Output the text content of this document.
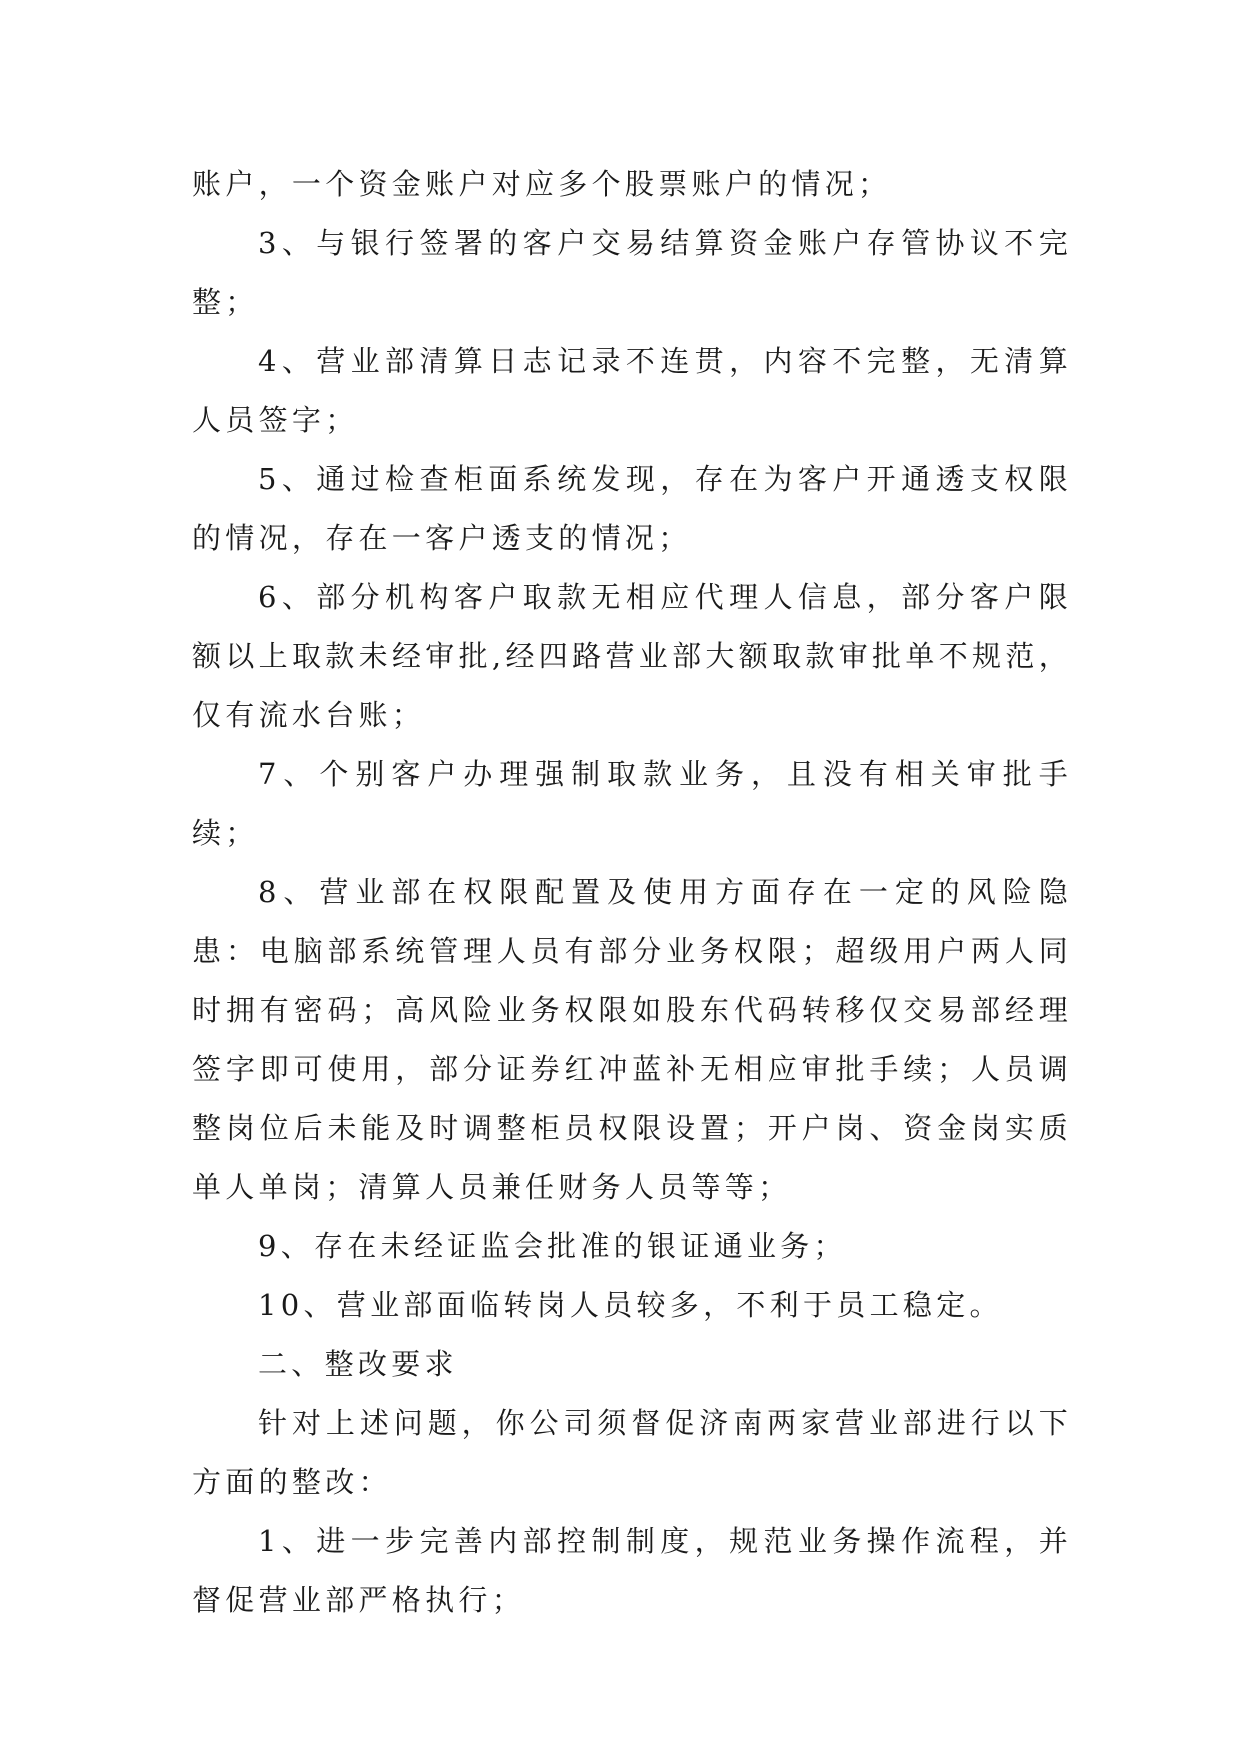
账户，一个资金账户对应多个股票账户的情况；

3、与银行签署的客户交易结算资金账户存管协议不完整；

4、营业部清算日志记录不连贯，内容不完整，无清算人员签字；

5、通过检查柜面系统发现，存在为客户开通透支权限的情况，存在一客户透支的情况；

6、部分机构客户取款无相应代理人信息，部分客户限额以上取款未经审批,经四路营业部大额取款审批单不规范，仅有流水台账；

7、个别客户办理强制取款业务，且没有相关审批手续；

8、营业部在权限配置及使用方面存在一定的风险隐患：电脑部系统管理人员有部分业务权限；超级用户两人同时拥有密码；高风险业务权限如股东代码转移仅交易部经理签字即可使用，部分证券红冲蓝补无相应审批手续；人员调整岗位后未能及时调整柜员权限设置；开户岗、资金岗实质单人单岗；清算人员兼任财务人员等等；

9、存在未经证监会批准的银证通业务；

10、营业部面临转岗人员较多，不利于员工稳定。

二、整改要求

针对上述问题，你公司须督促济南两家营业部进行以下方面的整改：

1、进一步完善内部控制制度，规范业务操作流程，并督促营业部严格执行；
